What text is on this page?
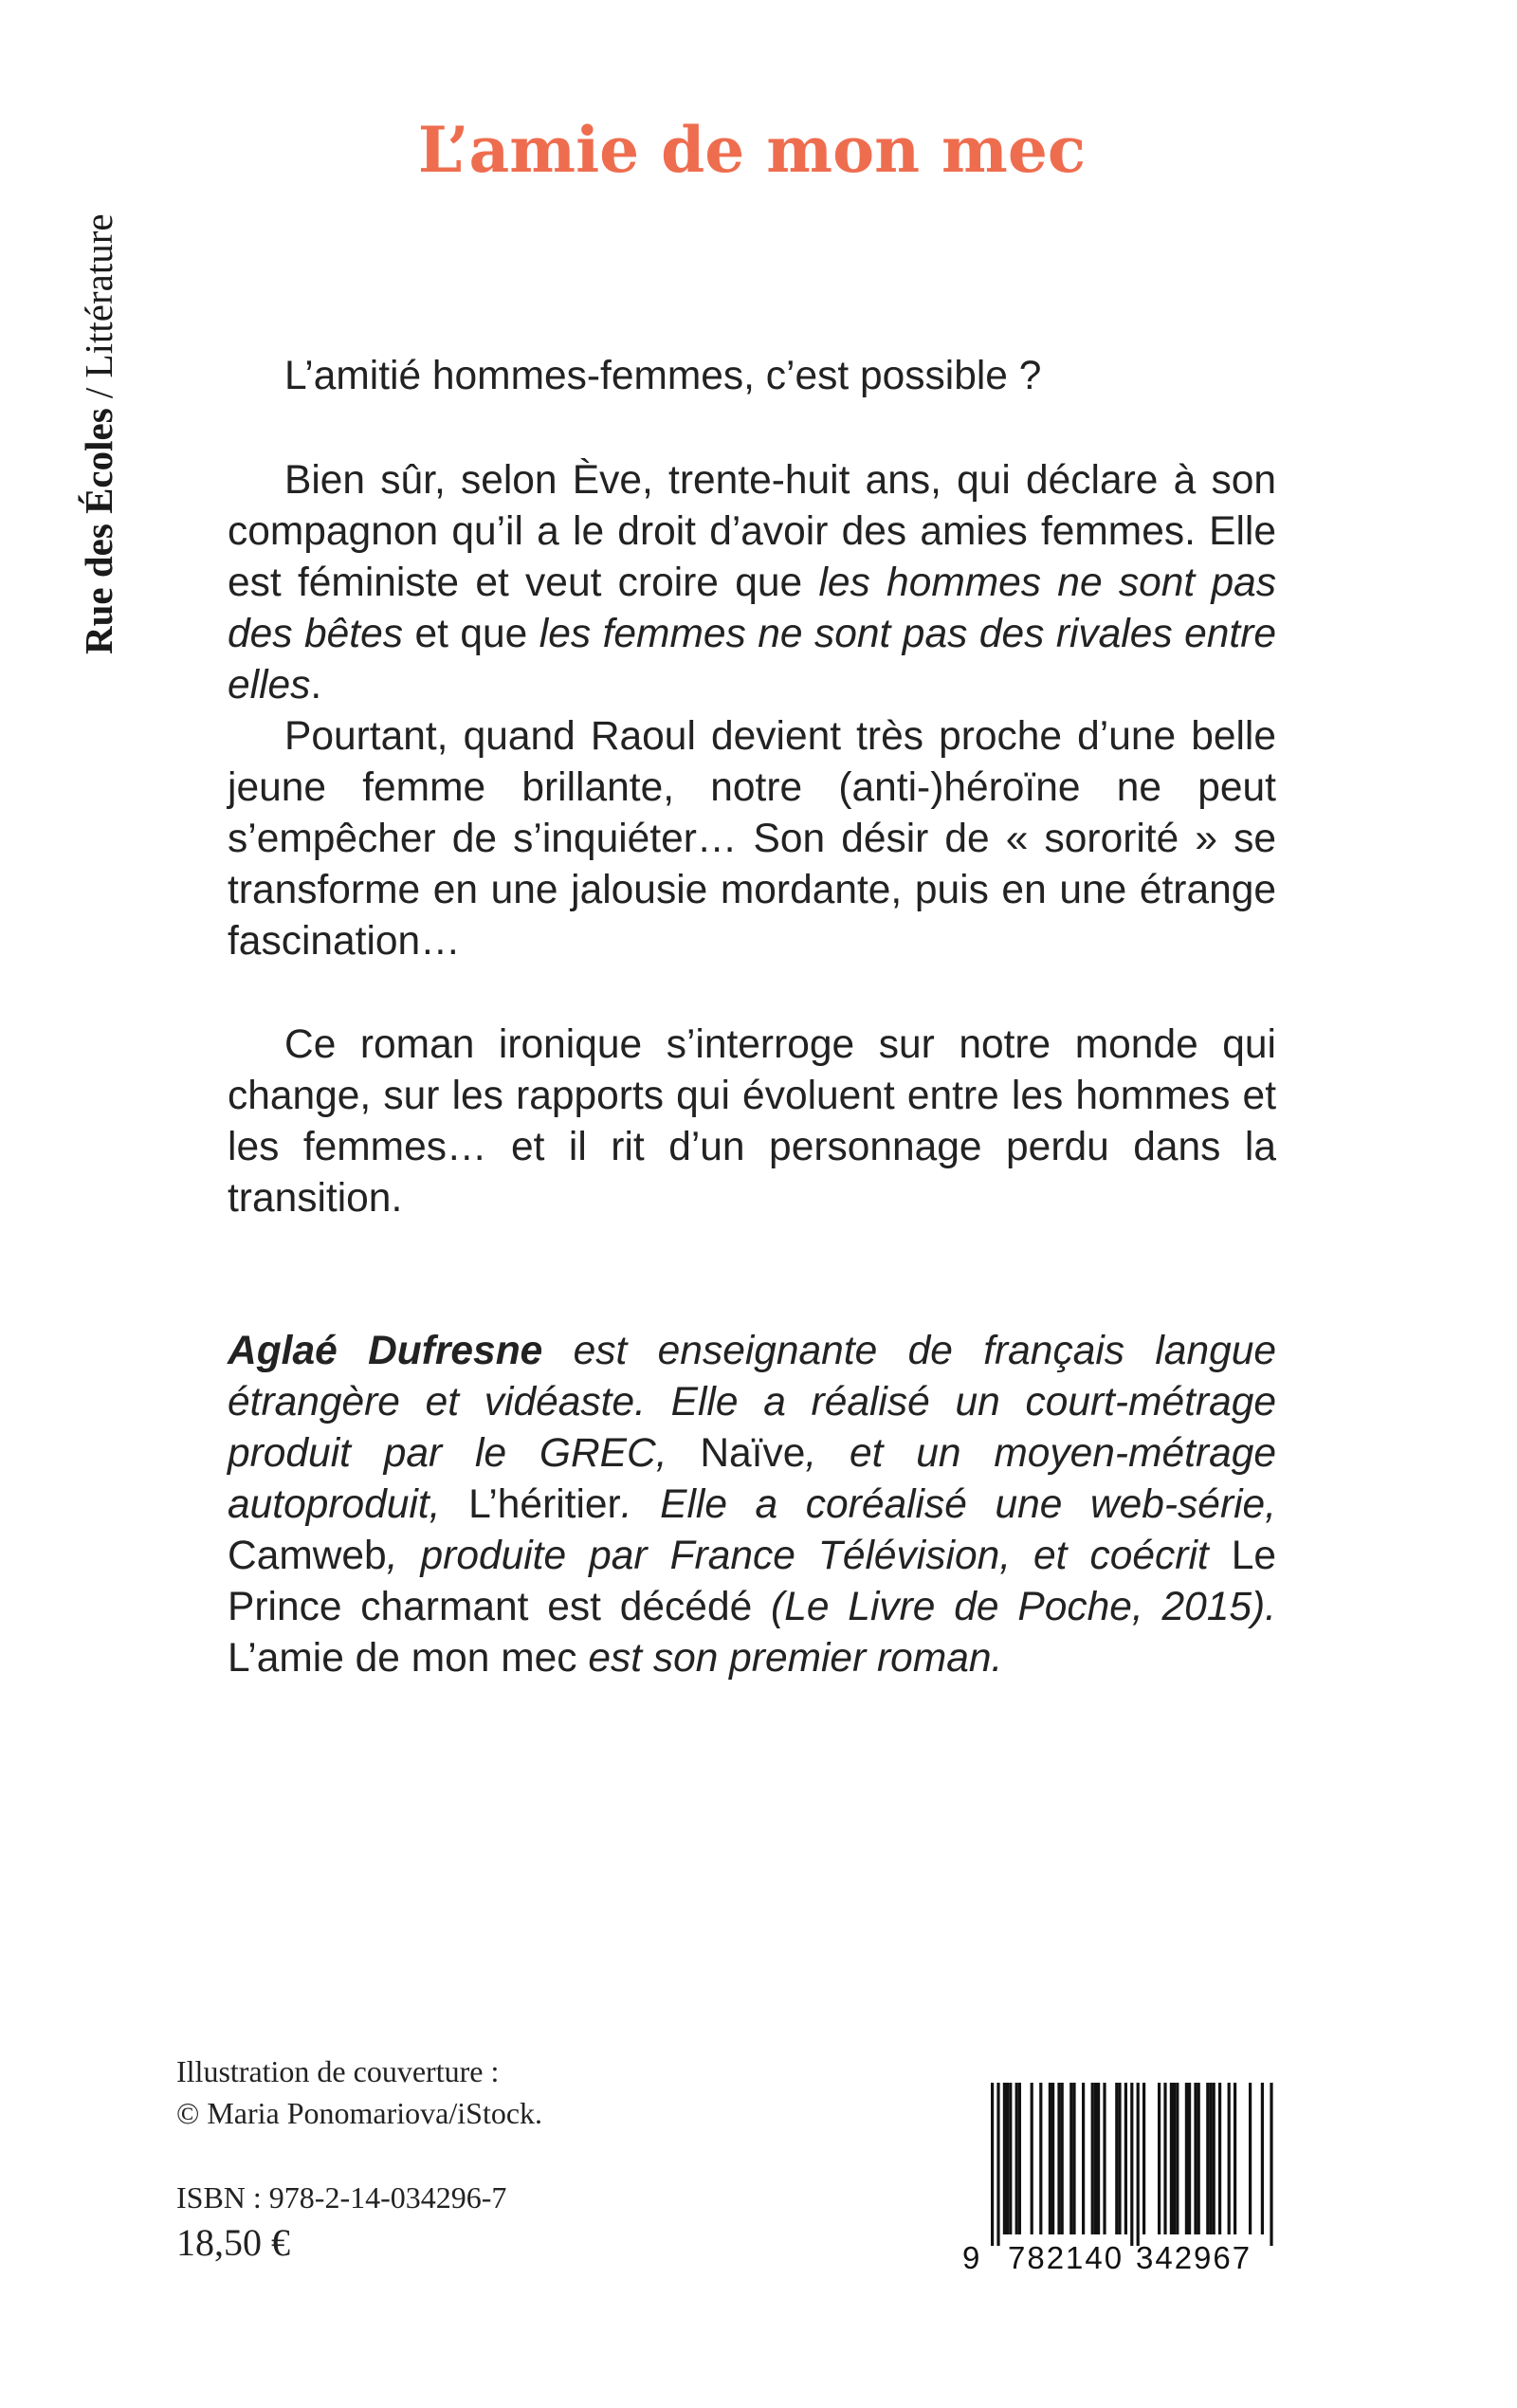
Rue des Écoles / Littérature
L’amie de mon mec

L’amitié hommes-femmes, c’est possible ?

Bien sûr, selon Ève, trente-huit ans, qui déclare à son compagnon qu’il a le droit d’avoir des amies femmes. Elle est féministe et veut croire que les hommes ne sont pas des bêtes et que les femmes ne sont pas des rivales entre elles.

Pourtant, quand Raoul devient très proche d’une belle jeune femme brillante, notre (anti-)héroïne ne peut s’empêcher de s’inquiéter… Son désir de « sororité » se transforme en une jalousie mordante, puis en une étrange fascination…

Ce roman ironique s’interroge sur notre monde qui change, sur les rapports qui évoluent entre les hommes et les femmes… et il rit d’un personnage perdu dans la transition.

Aglaé Dufresne est enseignante de français langue étrangère et vidéaste. Elle a réalisé un court-métrage produit par le GREC, Naïve, et un moyen-métrage autoproduit, L’héritier. Elle a coréalisé une web-série, Camweb, produite par France Télévision, et coécrit Le Prince charmant est décédé (Le Livre de Poche, 2015). L’amie de mon mec est son premier roman.

Illustration de couverture :
© Maria Ponomariova/iStock.
ISBN : 978-2-14-034296-7
18,50 €	9 782140 342967
